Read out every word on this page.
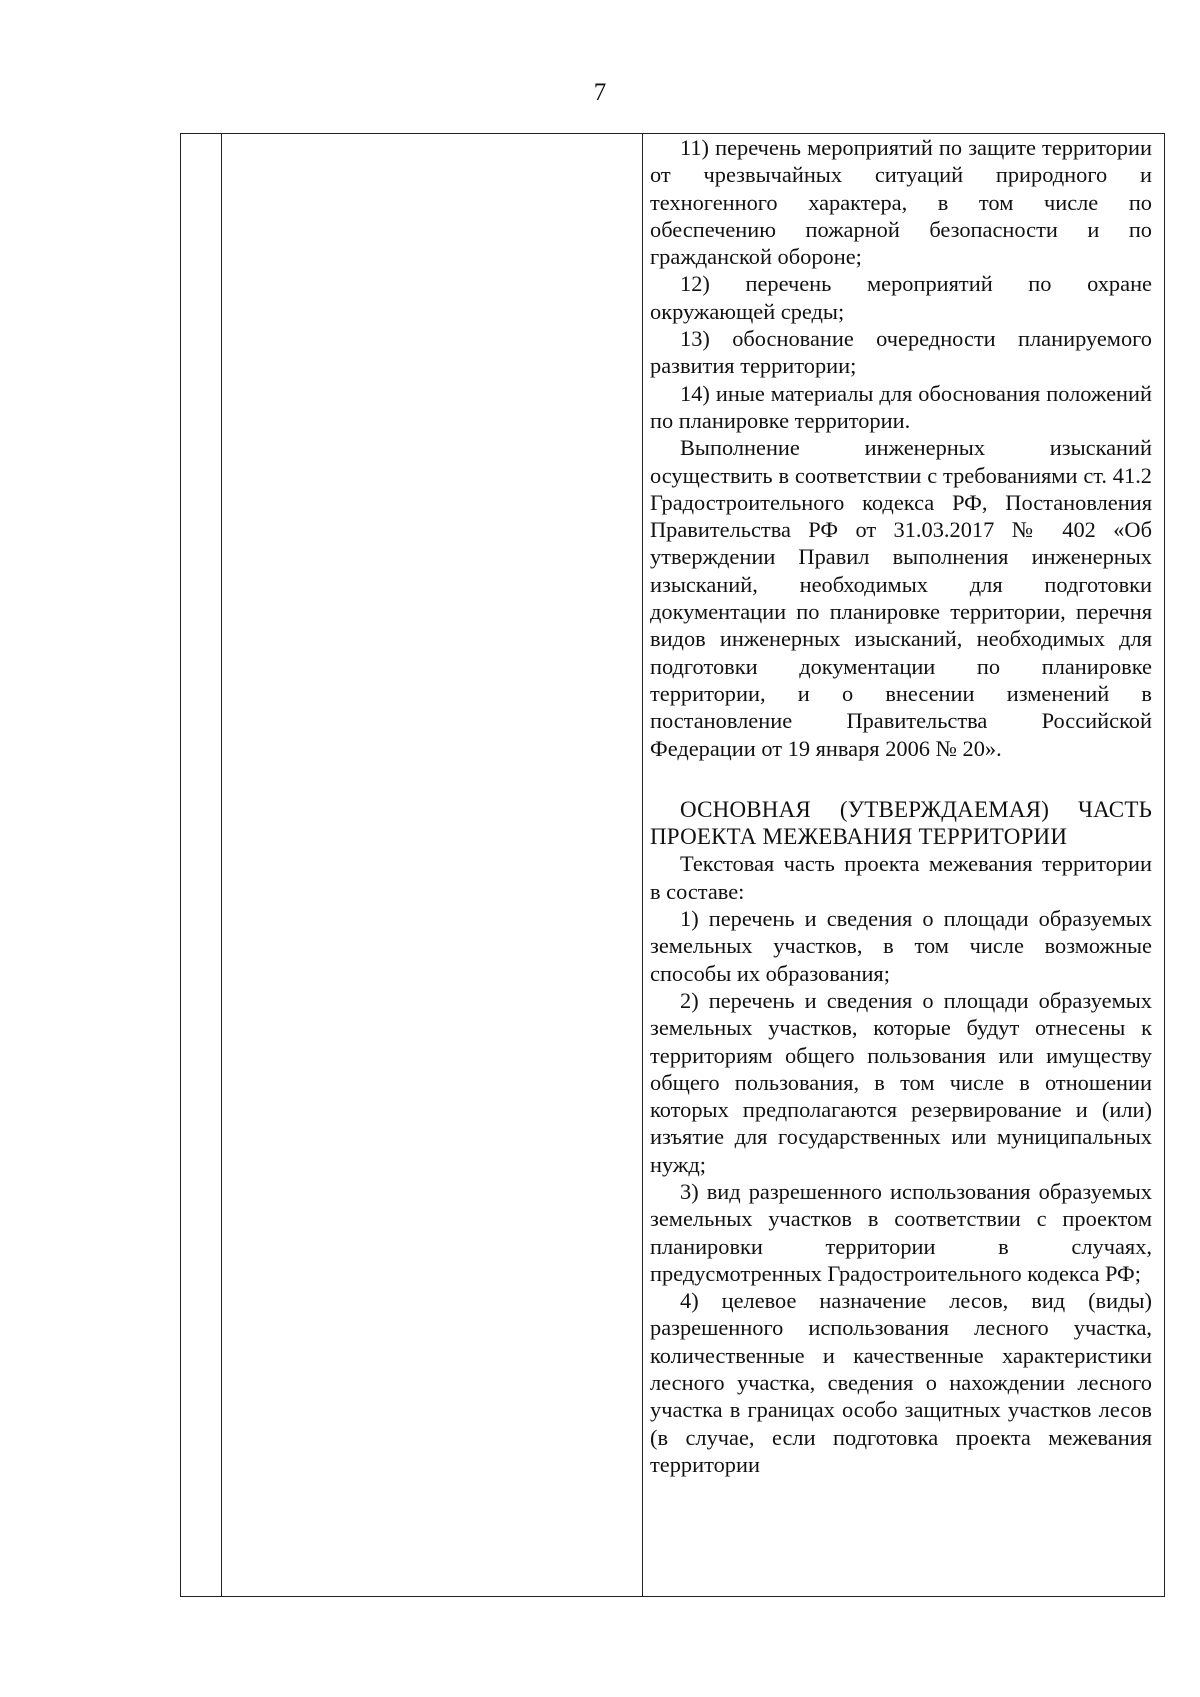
7

11) перечень мероприятий по защите территории от чрезвычайных ситуаций природного и техногенного характера, в том числе по обеспечению пожарной безопасности и по гражданской обороне;

12) перечень мероприятий по охране окружающей среды;

13) обоснование очередности планируемого развития территории;

14) иные материалы для обоснования положений по планировке территории.

Выполнение инженерных изысканий осуществить в соответствии с требованиями ст. 41.2 Градостроительного кодекса РФ, Постановления Правительства РФ от 31.03.2017 № 402 «Об утверждении Правил выполнения инженерных изысканий, необходимых для подготовки документации по планировке территории, перечня видов инженерных изысканий, необходимых для подготовки документации по планировке территории, и о внесении изменений в постановление Правительства Российской Федерации от 19 января 2006 № 20».

ОСНОВНАЯ (УТВЕРЖДАЕМАЯ) ЧАСТЬ ПРОЕКТА МЕЖЕВАНИЯ ТЕРРИТОРИИ

Текстовая часть проекта межевания территории в составе:

1) перечень и сведения о площади образуемых земельных участков, в том числе возможные способы их образования;

2) перечень и сведения о площади образуемых земельных участков, которые будут отнесены к территориям общего пользования или имуществу общего пользования, в том числе в отношении которых предполагаются резервирование и (или) изъятие для государственных или муниципальных нужд;

3) вид разрешенного использования образуемых земельных участков в соответствии с проектом планировки территории в случаях, предусмотренных Градостроительного кодекса РФ;

4) целевое назначение лесов, вид (виды) разрешенного использования лесного участка, количественные и качественные характеристики лесного участка, сведения о нахождении лесного участка в границах особо защитных участков лесов (в случае, если подготовка проекта межевания территории
